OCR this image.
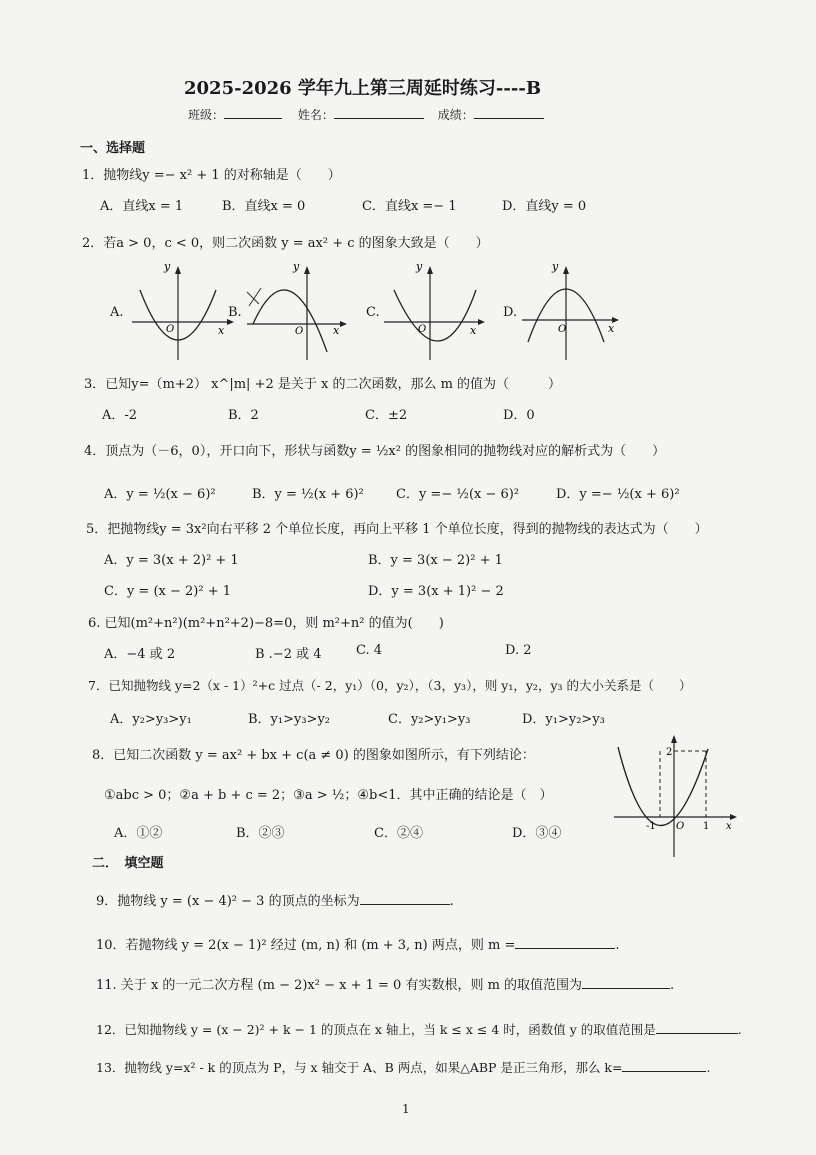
2025-2026 学年九上第三周延时练习----B
班级：	姓名：	成绩：
一、选择题
1．抛物线y =− x² + 1 的对称轴是（　　）
A．直线x = 1	B．直线x = 0	C．直线x =− 1	D．直线y = 0
2．若a > 0，c < 0，则二次函数 y = ax² + c 的图象大致是（　　）
A.
y
x
O
B.
y
x
O
C.
y
x
O
D.
y
x
O
3．已知y=（m+2） x^|m| +2 是关于 x 的二次函数，那么 m 的值为（　　　）
A．-2	B．2	C．±2	D．0
4．顶点为（－6，0），开口向下，形状与函数y = ½x² 的图象相同的抛物线对应的解析式为（　　）
A．y = ½(x − 6)²	B．y = ½(x + 6)² C．y =− ½(x − 6)²	D．y =− ½(x + 6)²
5．把抛物线y = 3x²向右平移 2 个单位长度，再向上平移 1 个单位长度，得到的抛物线的表达式为（　　）
A．y = 3(x + 2)² + 1	B．y = 3(x − 2)² + 1
C．y = (x − 2)² + 1	D．y = 3(x + 1)² − 2
6. 已知(m²+n²)(m²+n²+2)−8=0，则 m²+n² 的值为(　　)
A．−4 或 2	B .−2 或 4	C. 4	D. 2
7．已知抛物线 y=2（x - 1）²+c 过点（- 2，y₁）（0，y₂），（3，y₃），则 y₁，y₂，y₃ 的大小关系是（　　）
A．y₂>y₃>y₁	B．y₁>y₃>y₂	C．y₂>y₁>y₃	D．y₁>y₂>y₃
8．已知二次函数 y = ax² + bx + c(a ≠ 0) 的图象如图所示，有下列结论：
①abc > 0；②a + b + c = 2；③a > ½；④b<1．其中正确的结论是（　）
A．①②	B．②③	C．②④	D．③④
2
-1 O 1 x
二．　填空题
9．抛物线 y = (x − 4)² − 3 的顶点的坐标为	.
10．若抛物线 y = 2(x − 1)² 经过 (m, n) 和 (m + 3, n) 两点，则 m =	.
11. 关于 x 的一元二次方程 (m − 2)x² − x + 1 = 0 有实数根，则 m 的取值范围为	.
12．已知抛物线 y = (x − 2)² + k − 1 的顶点在 x 轴上，当 k ≤ x ≤ 4 时，函数值 y 的取值范围是	.
13．抛物线 y=x² - k 的顶点为 P，与 x 轴交于 A、B 两点，如果△ABP 是正三角形，那么 k=	.
1
